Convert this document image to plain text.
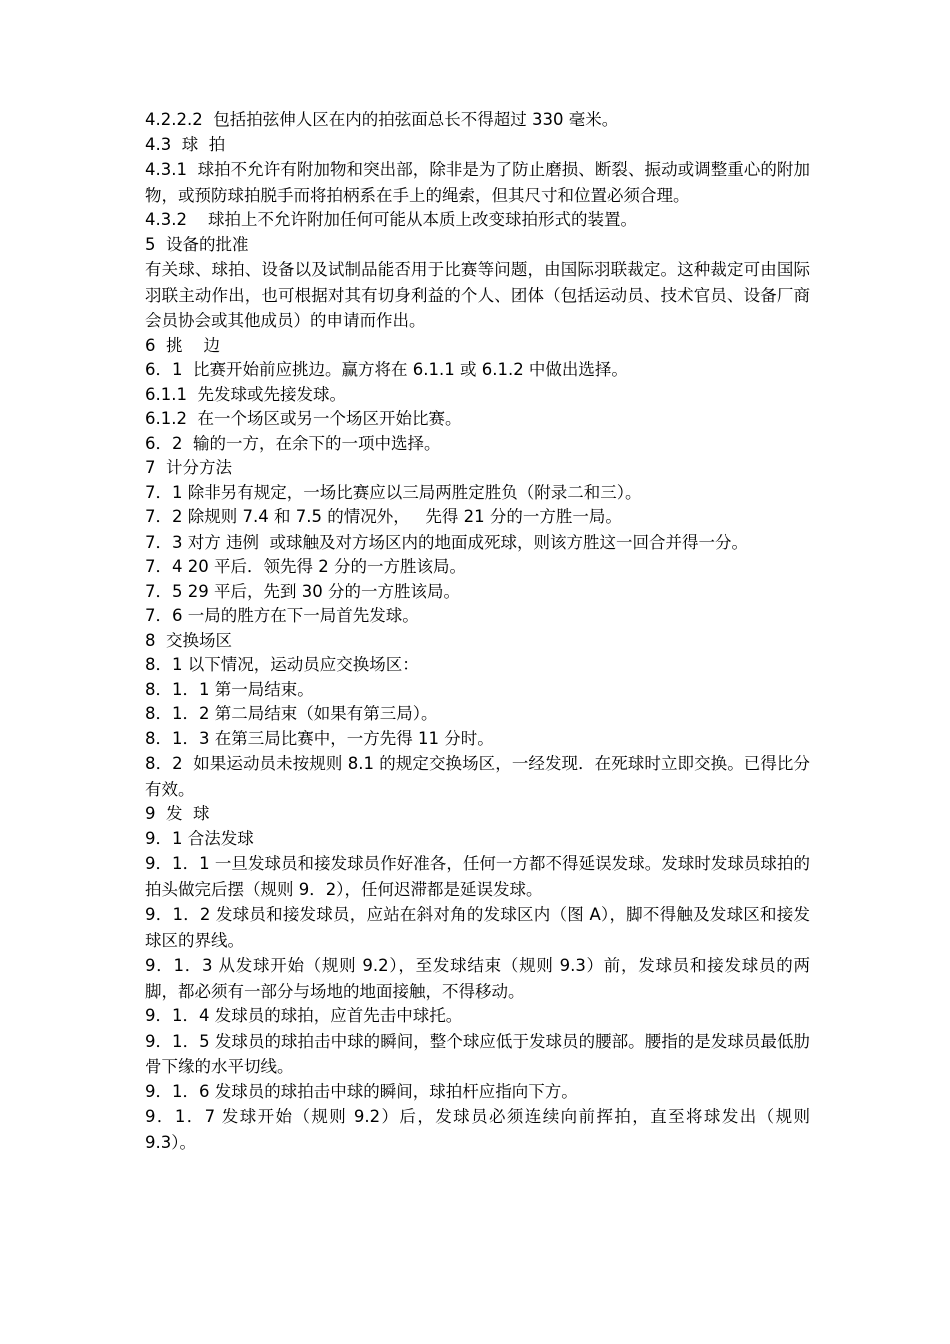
4.2.2.2  包括拍弦伸人区在内的拍弦面总长不得超过 330 毫米。

4.3  球  拍

4.3.1  球拍不允许有附加物和突出部，除非是为了防止磨损、断裂、振动或调整重心的附加物，或预防球拍脱手而将拍柄系在手上的绳索，但其尺寸和位置必须合理。

4.3.2    球拍上不允许附加任何可能从本质上改变球拍形式的装置。

5  设备的批准

有关球、球拍、设备以及试制品能否用于比赛等问题，由国际羽联裁定。这种裁定可由国际羽联主动作出，也可根据对其有切身利益的个人、团体（包括运动员、技术官员、设备厂商会员协会或其他成员）的申请而作出。

6  挑    边

6．1  比赛开始前应挑边。赢方将在 6.1.1 或 6.1.2 中做出选择。

6.1.1  先发球或先接发球。

6.1.2  在一个场区或另一个场区开始比赛。

6．2  输的一方，在余下的一项中选择。

7  计分方法

7．1 除非另有规定，一场比赛应以三局两胜定胜负（附录二和三）。

7．2 除规则 7.4 和 7.5 的情况外，   先得 21 分的一方胜一局。

7．3 对方 违例  或球触及对方场区内的地面成死球，则该方胜这一回合并得一分。

7．4 20 平后．领先得 2 分的一方胜该局。

7．5 29 平后，先到 30 分的一方胜该局。

7．6 一局的胜方在下一局首先发球。

8  交换场区

8．1 以下情况，运动员应交换场区：

8．1．1 第一局结束。

8．1．2 第二局结束（如果有第三局）。

8．1．3 在第三局比赛中，一方先得 11 分时。

8．2  如果运动员未按规则 8.1 的规定交换场区，一经发现．在死球时立即交换。已得比分有效。

9  发  球

9．1 合法发球

9．1．1 一旦发球员和接发球员作好准各，任何一方都不得延误发球。发球时发球员球拍的拍头做完后摆（规则 9．2），任何迟滞都是延误发球。

9．1．2 发球员和接发球员，应站在斜对角的发球区内（图 A），脚不得触及发球区和接发球区的界线。

9．1．3 从发球开始（规则 9.2），至发球结束（规则 9.3）前，发球员和接发球员的两脚，都必须有一部分与场地的地面接触，不得移动。

9．1．4 发球员的球拍，应首先击中球托。

9．1．5 发球员的球拍击中球的瞬间，整个球应低于发球员的腰部。腰指的是发球员最低肋骨下缘的水平切线。

9．1．6 发球员的球拍击中球的瞬间，球拍杆应指向下方。

9．1．7 发球开始（规则 9.2）后，发球员必须连续向前挥拍，直至将球发出（规则 9.3）。
